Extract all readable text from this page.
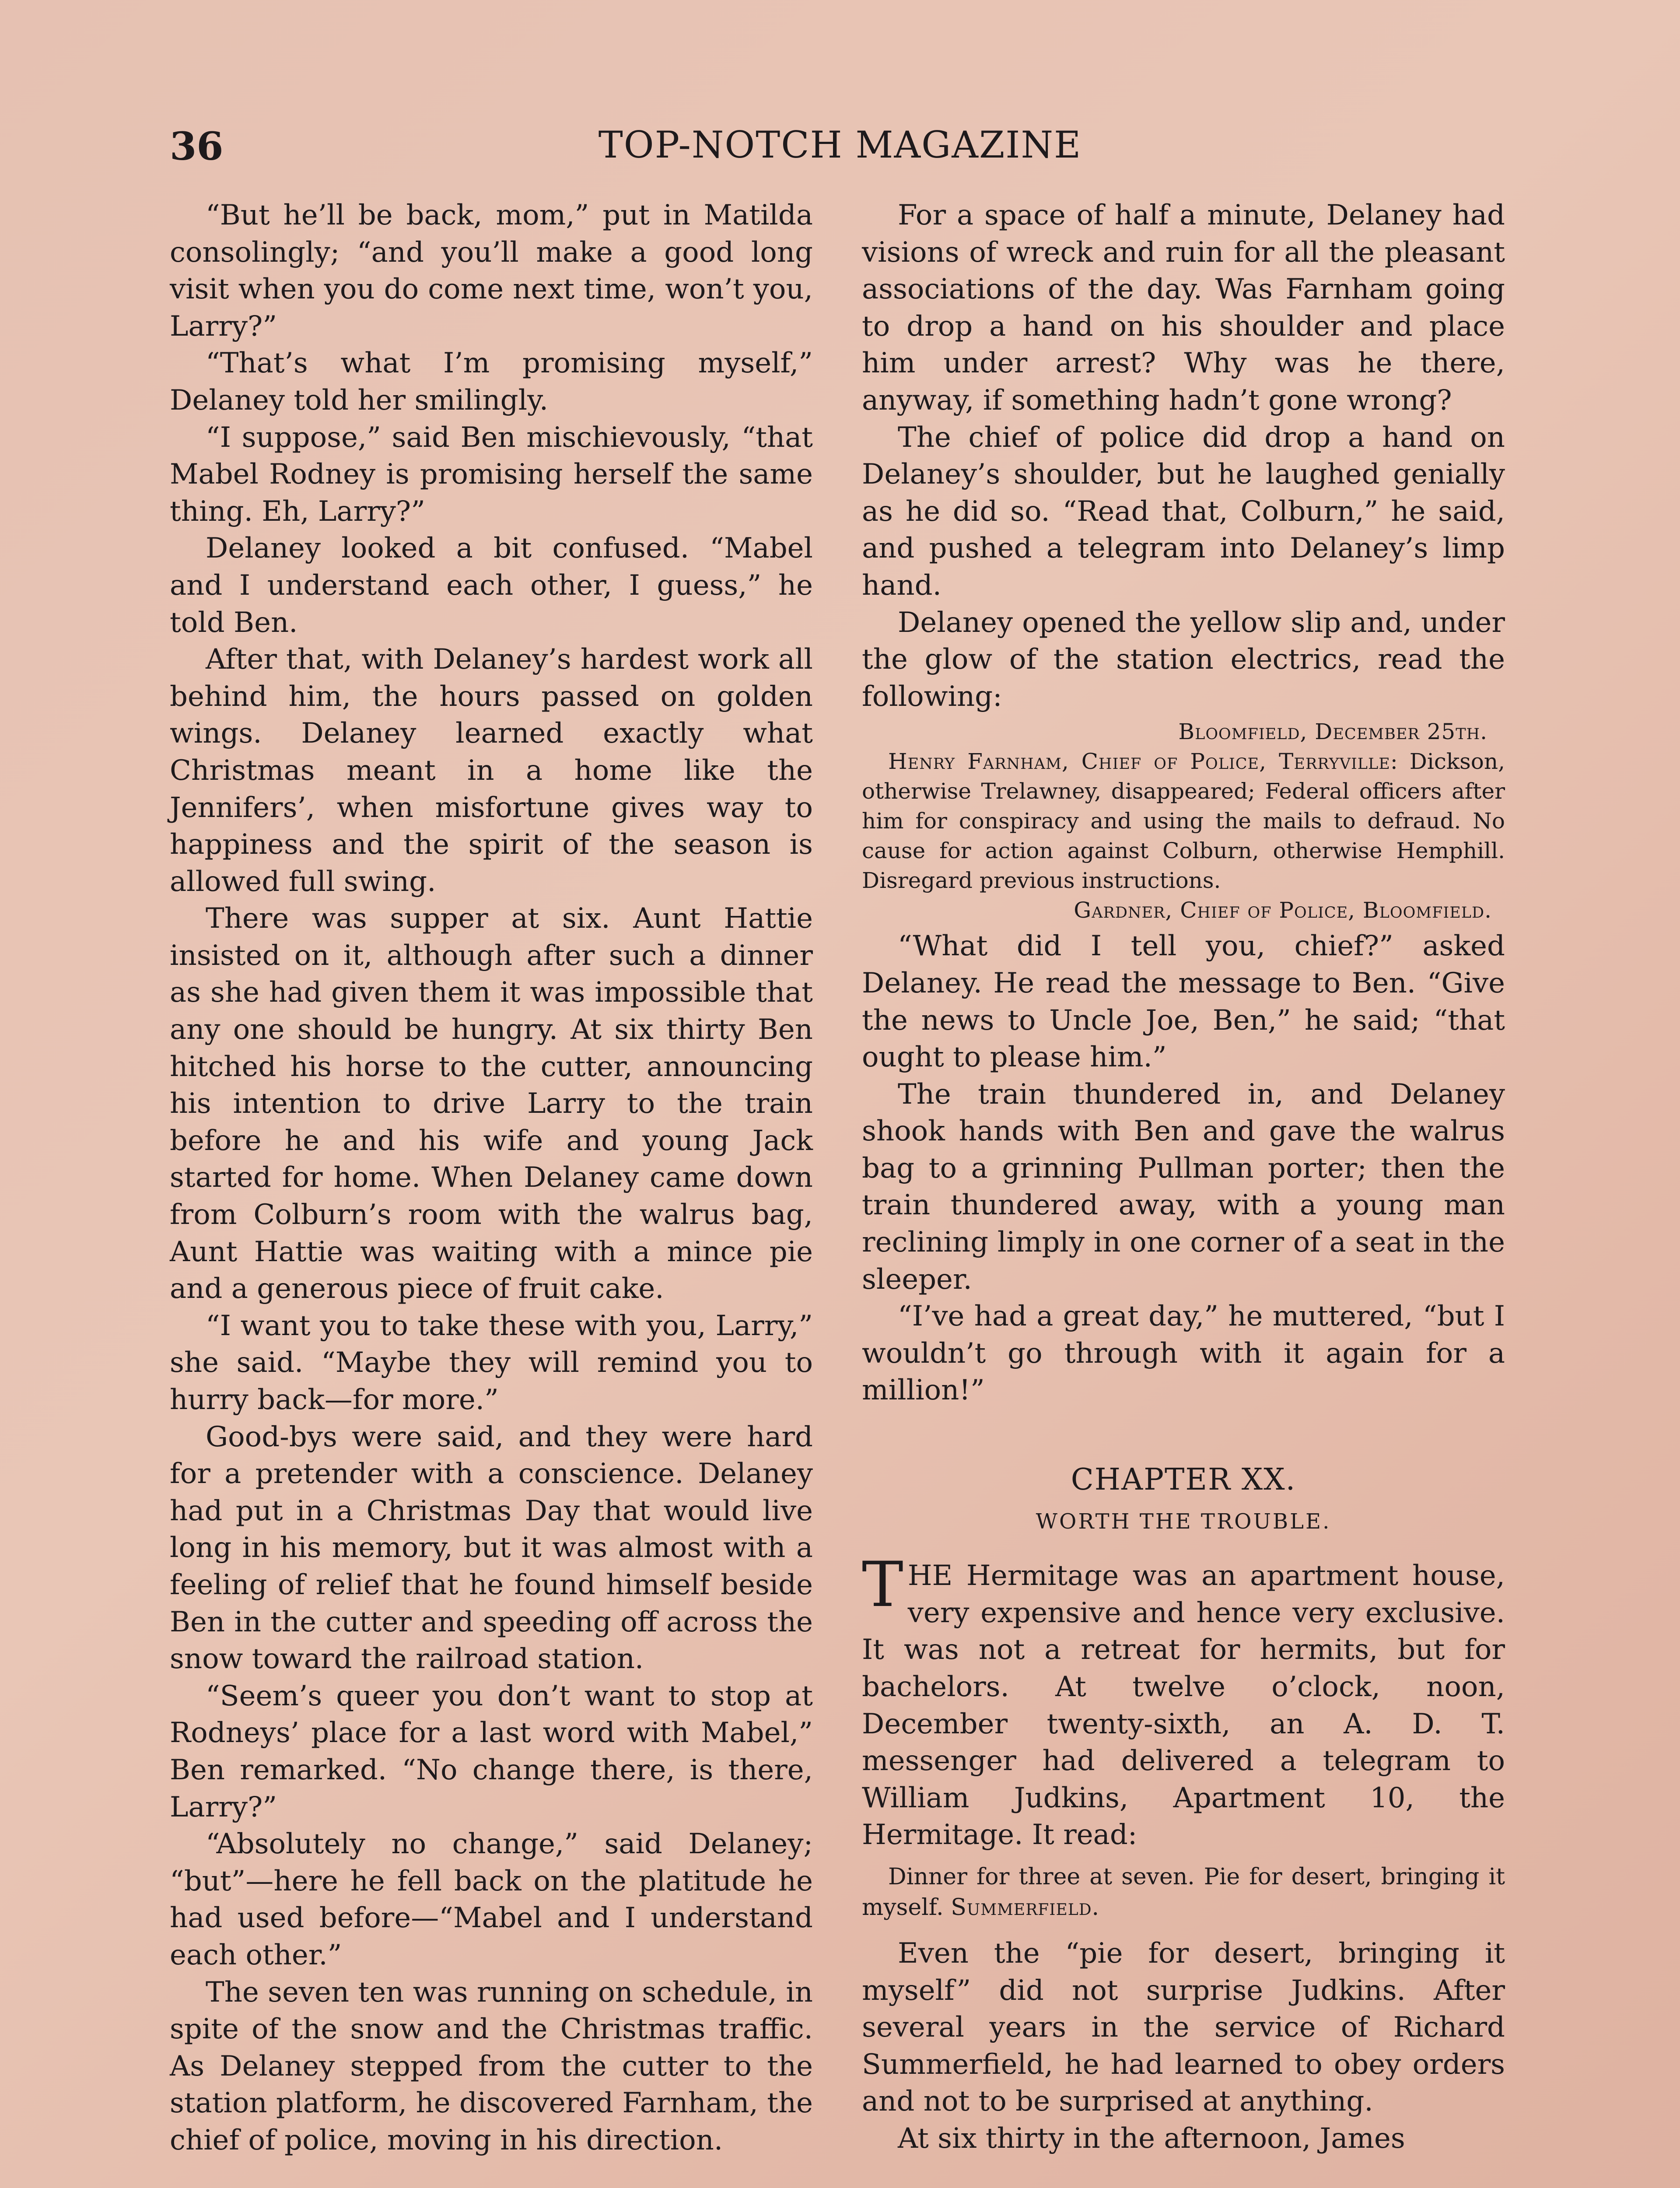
36	TOP-NOTCH MAGAZINE

“But he’ll be back, mom,” put in Matilda consolingly; “and you’ll make a good long visit when you do come next time, won’t you, Larry?”

“That’s what I’m promising myself,” Delaney told her smilingly.

“I suppose,” said Ben mischievously, “that Mabel Rodney is promising herself the same thing. Eh, Larry?”

Delaney looked a bit confused. “Mabel and I understand each other, I guess,” he told Ben.

After that, with Delaney’s hardest work all behind him, the hours passed on golden wings. Delaney learned exactly what Christmas meant in a home like the Jennifers’, when misfortune gives way to happiness and the spirit of the season is allowed full swing.

There was supper at six. Aunt Hattie insisted on it, although after such a dinner as she had given them it was impossible that any one should be hungry. At six thirty Ben hitched his horse to the cutter, announcing his intention to drive Larry to the train before he and his wife and young Jack started for home. When Delaney came down from Colburn’s room with the walrus bag, Aunt Hattie was waiting with a mince pie and a generous piece of fruit cake.

“I want you to take these with you, Larry,” she said. “Maybe they will remind you to hurry back—for more.”

Good-bys were said, and they were hard for a pretender with a conscience. Delaney had put in a Christmas Day that would live long in his memory, but it was almost with a feeling of relief that he found himself beside Ben in the cutter and speeding off across the snow toward the railroad station.

“Seem’s queer you don’t want to stop at Rodneys’ place for a last word with Mabel,” Ben remarked. “No change there, is there, Larry?”

“Absolutely no change,” said Delaney; “but”—here he fell back on the platitude he had used before—“Mabel and I understand each other.”

The seven ten was running on schedule, in spite of the snow and the Christmas traffic. As Delaney stepped from the cutter to the station platform, he discovered Farnham, the chief of police, moving in his direction.

For a space of half a minute, Delaney had visions of wreck and ruin for all the pleasant associations of the day. Was Farnham going to drop a hand on his shoulder and place him under arrest? Why was he there, anyway, if something hadn’t gone wrong?

The chief of police did drop a hand on Delaney’s shoulder, but he laughed genially as he did so. “Read that, Colburn,” he said, and pushed a telegram into Delaney’s limp hand.

Delaney opened the yellow slip and, under the glow of the station electrics, read the following:

Bloomfield, December 25th.
Henry Farnham, Chief of Police, Terryville: Dickson, otherwise Trelawney, disappeared; Federal officers after him for conspiracy and using the mails to defraud. No cause for action against Colburn, otherwise Hemphill. Disregard previous instructions.
Gardner, Chief of Police, Bloomfield.

“What did I tell you, chief?” asked Delaney. He read the message to Ben. “Give the news to Uncle Joe, Ben,” he said; “that ought to please him.”

The train thundered in, and Delaney shook hands with Ben and gave the walrus bag to a grinning Pullman porter; then the train thundered away, with a young man reclining limply in one corner of a seat in the sleeper.

“I’ve had a great day,” he muttered, “but I wouldn’t go through with it again for a million!”

CHAPTER XX.
WORTH THE TROUBLE.

THE Hermitage was an apartment house, very expensive and hence very exclusive. It was not a retreat for hermits, but for bachelors. At twelve o’clock, noon, December twenty-sixth, an A. D. T. messenger had delivered a telegram to William Judkins, Apartment 10, the Hermitage. It read:

Dinner for three at seven. Pie for desert, bringing it myself. Summerfield.

Even the “pie for desert, bringing it myself” did not surprise Judkins. After several years in the service of Richard Summerfield, he had learned to obey orders and not to be surprised at anything.

At six thirty in the afternoon, James
